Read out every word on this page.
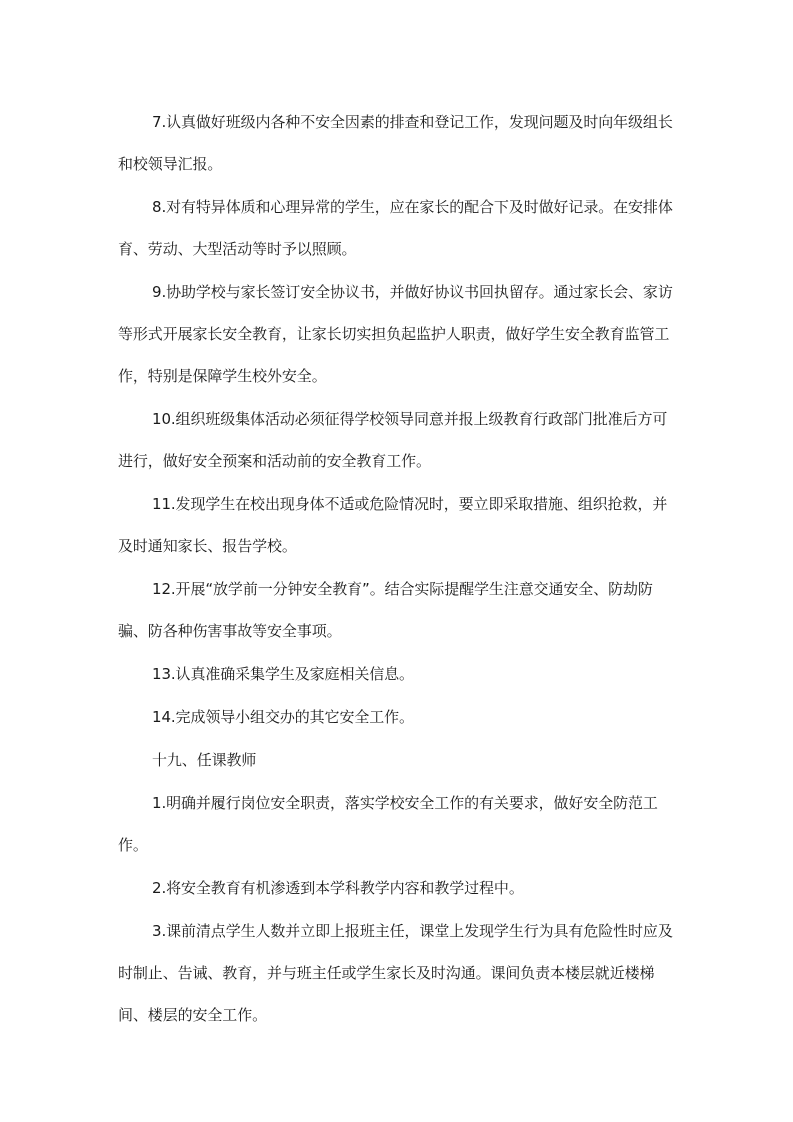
7.认真做好班级内各种不安全因素的排查和登记工作，发现问题及时向年级组长和校领导汇报。

8.对有特异体质和心理异常的学生，应在家长的配合下及时做好记录。在安排体育、劳动、大型活动等时予以照顾。

9.协助学校与家长签订安全协议书，并做好协议书回执留存。通过家长会、家访等形式开展家长安全教育，让家长切实担负起监护人职责，做好学生安全教育监管工作，特别是保障学生校外安全。

10.组织班级集体活动必须征得学校领导同意并报上级教育行政部门批准后方可进行，做好安全预案和活动前的安全教育工作。

11.发现学生在校出现身体不适或危险情况时，要立即采取措施、组织抢救，并及时通知家长、报告学校。

12.开展“放学前一分钟安全教育”。结合实际提醒学生注意交通安全、防劫防骗、防各种伤害事故等安全事项。

13.认真准确采集学生及家庭相关信息。

14.完成领导小组交办的其它安全工作。

十九、任课教师

1.明确并履行岗位安全职责，落实学校安全工作的有关要求，做好安全防范工作。

2.将安全教育有机渗透到本学科教学内容和教学过程中。

3.课前清点学生人数并立即上报班主任，课堂上发现学生行为具有危险性时应及时制止、告诫、教育，并与班主任或学生家长及时沟通。课间负责本楼层就近楼梯间、楼层的安全工作。
